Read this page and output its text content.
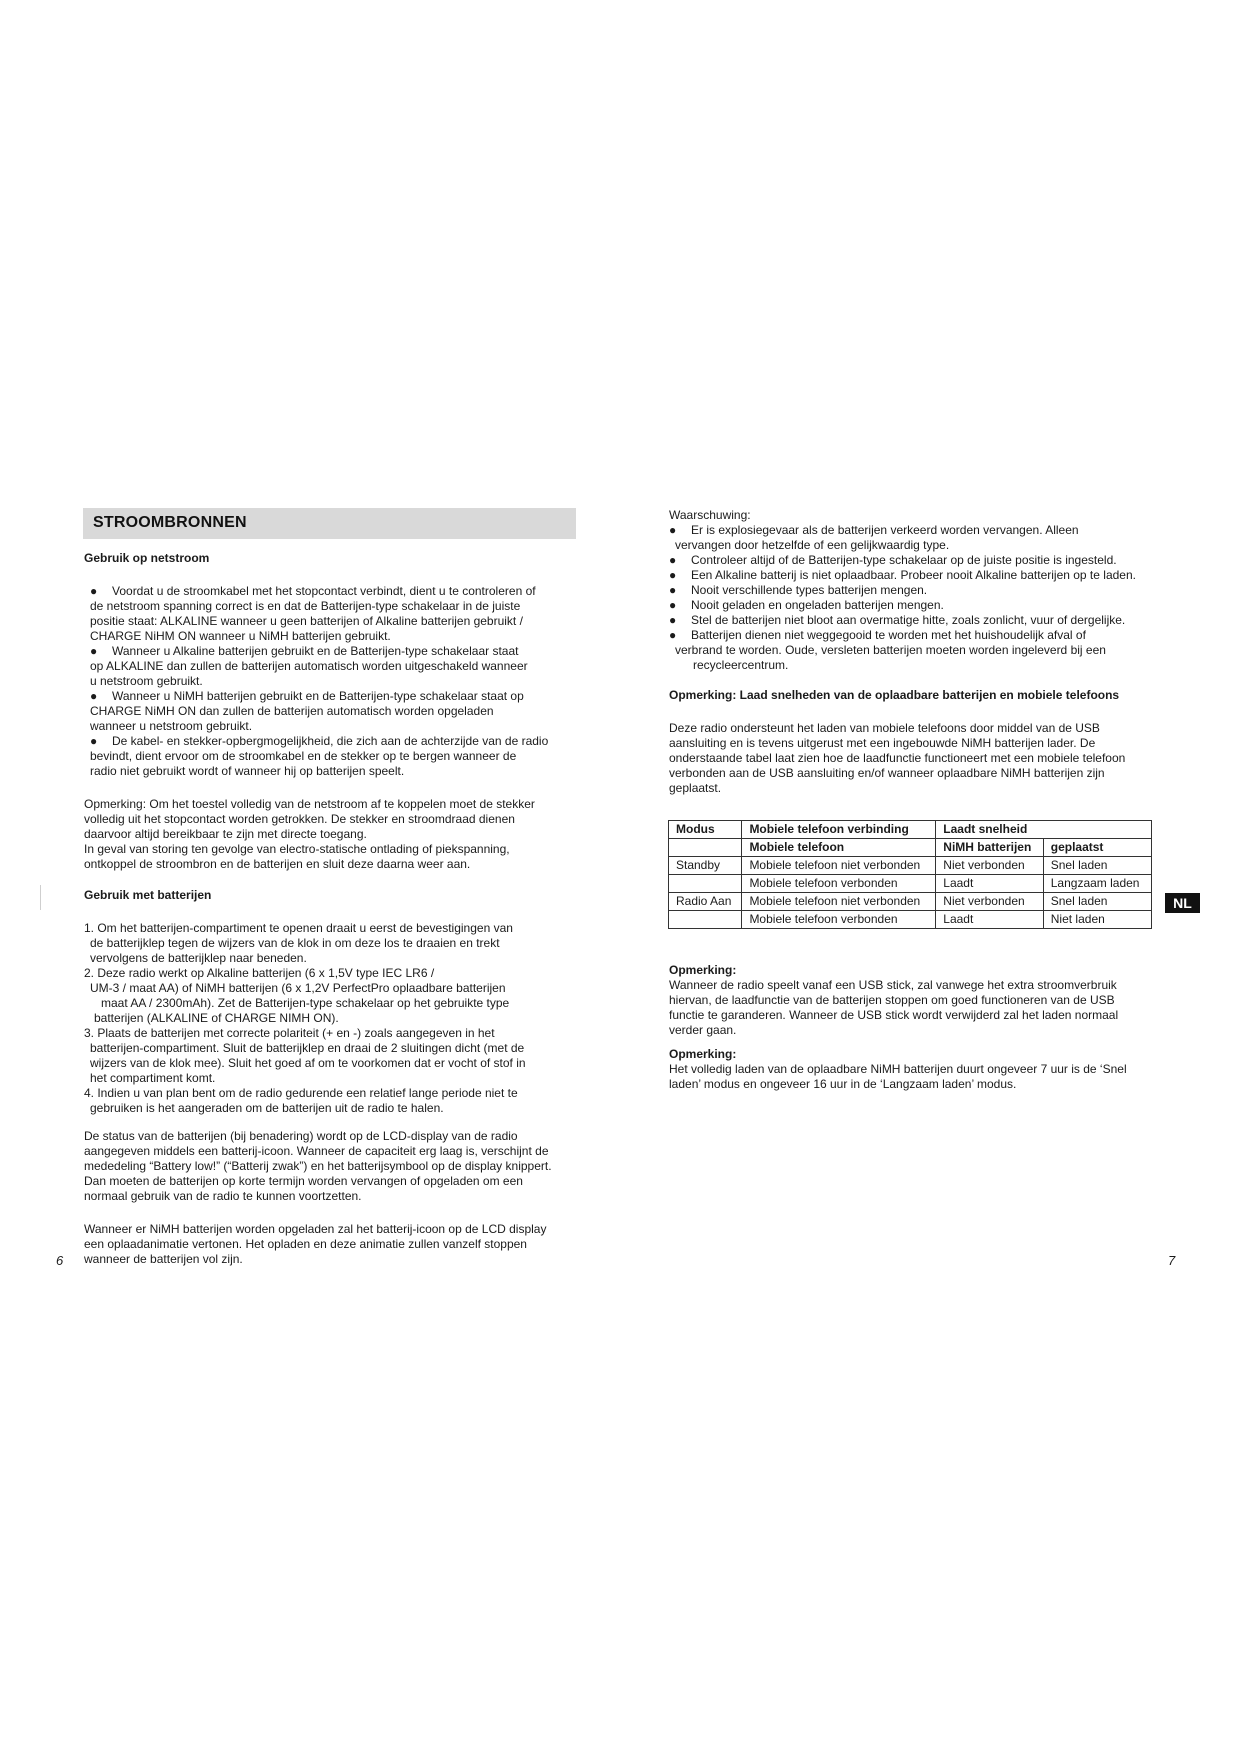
STROOMBRONNEN
Gebruik op netstroom
● Voordat u de stroomkabel met het stopcontact verbindt, dient u te controleren of
de netstroom spanning correct is en dat de Batterijen-type schakelaar in de juiste
positie staat: ALKALINE wanneer u geen batterijen of Alkaline batterijen gebruikt /
CHARGE NiHM ON wanneer u NiMH batterijen gebruikt.
● Wanneer u Alkaline batterijen gebruikt en de Batterijen-type schakelaar staat
op ALKALINE dan zullen de batterijen automatisch worden uitgeschakeld wanneer
u netstroom gebruikt.
● Wanneer u NiMH batterijen gebruikt en de Batterijen-type schakelaar staat op
CHARGE NiMH ON dan zullen de batterijen automatisch worden opgeladen
wanneer u netstroom gebruikt.
● De kabel- en stekker-opbergmogelijkheid, die zich aan de achterzijde van de radio
bevindt, dient ervoor om de stroomkabel en de stekker op te bergen wanneer de
radio niet gebruikt wordt of wanneer hij op batterijen speelt.

Opmerking: Om het toestel volledig van de netstroom af te koppelen moet de stekker

volledig uit het stopcontact worden getrokken. De stekker en stroomdraad dienen

daarvoor altijd bereikbaar te zijn met directe toegang.

In geval van storing ten gevolge van electro-statische ontlading of piekspanning,

ontkoppel de stroombron en de batterijen en sluit deze daarna weer aan.

Gebruik met batterijen
1. Om het batterijen-compartiment te openen draait u eerst de bevestigingen van
de batterijklep tegen de wijzers van de klok in om deze los te draaien en trekt
vervolgens de batterijklep naar beneden.
2. Deze radio werkt op Alkaline batterijen (6 x 1,5V type IEC LR6 /
UM-3 / maat AA) of NiMH batterijen (6 x 1,2V PerfectPro oplaadbare batterijen
maat AA / 2300mAh). Zet de Batterijen-type schakelaar op het gebruikte type
batterijen (ALKALINE of CHARGE NIMH ON).
3. Plaats de batterijen met correcte polariteit (+ en -) zoals aangegeven in het
batterijen-compartiment. Sluit de batterijklep en draai de 2 sluitingen dicht (met de
wijzers van de klok mee). Sluit het goed af om te voorkomen dat er vocht of stof in
het compartiment komt.
4. Indien u van plan bent om de radio gedurende een relatief lange periode niet te
gebruiken is het aangeraden om de batterijen uit de radio te halen.

De status van de batterijen (bij benadering) wordt op de LCD-display van de radio

aangegeven middels een batterij-icoon. Wanneer de capaciteit erg laag is, verschijnt de

mededeling “Battery low!” (“Batterij zwak”) en het batterijsymbool op de display knippert.

Dan moeten de batterijen op korte termijn worden vervangen of opgeladen om een

normaal gebruik van de radio te kunnen voortzetten.

Wanneer er NiMH batterijen worden opgeladen zal het batterij-icoon op de LCD display

een oplaadanimatie vertonen. Het opladen en deze animatie zullen vanzelf stoppen

wanneer de batterijen vol zijn.

6
Waarschuwing:
● Er is explosiegevaar als de batterijen verkeerd worden vervangen. Alleen
vervangen door hetzelfde of een gelijkwaardig type.
● Controleer altijd of de Batterijen-type schakelaar op de juiste positie is ingesteld.
● Een Alkaline batterij is niet oplaadbaar. Probeer nooit Alkaline batterijen op te laden.
● Nooit verschillende types batterijen mengen.
● Nooit geladen en ongeladen batterijen mengen.
● Stel de batterijen niet bloot aan overmatige hitte, zoals zonlicht, vuur of dergelijke.
● Batterijen dienen niet weggegooid te worden met het huishoudelijk afval of
verbrand te worden. Oude, versleten batterijen moeten worden ingeleverd bij een
recycleercentrum.
Opmerking: Laad snelheden van de oplaadbare batterijen en mobiele telefoons

Deze radio ondersteunt het laden van mobiele telefoons door middel van de USB

aansluiting en is tevens uitgerust met een ingebouwde NiMH batterijen lader. De

onderstaande tabel laat zien hoe de laadfunctie functioneert met een mobiele telefoon

verbonden aan de USB aansluiting en/of wanneer oplaadbare NiMH batterijen zijn

geplaatst.

Modus	Mobiele telefoon verbinding	Laadt snelheid	
	Mobiele telefoon	NiMH batterijen	geplaatst
Standby	Mobiele telefoon niet verbonden	Niet verbonden	Snel laden
	Mobiele telefoon verbonden	Laadt	Langzaam laden
Radio Aan	Mobiele telefoon niet verbonden	Niet verbonden	Snel laden
	Mobiele telefoon verbonden	Laadt	Niet laden
Opmerking:

Wanneer de radio speelt vanaf een USB stick, zal vanwege het extra stroomverbruik

hiervan, de laadfunctie van de batterijen stoppen om goed functioneren van de USB

functie te garanderen. Wanneer de USB stick wordt verwijderd zal het laden normaal

verder gaan.

Opmerking:

Het volledig laden van de oplaadbare NiMH batterijen duurt ongeveer 7 uur is de ‘Snel

laden’ modus en ongeveer 16 uur in de ‘Langzaam laden’ modus.

NL
7
